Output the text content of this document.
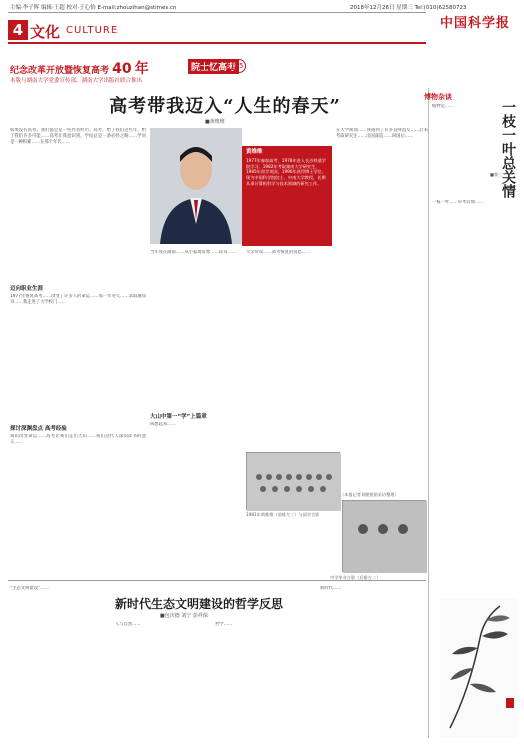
主编·李子晖 编辑·王超 校对·王心怡 E-mail:zhouzihan@stimes.cn	2018年12月26日 星期三 Tel:(010)62580723
中国科学报
4 文化 CULTURE
纪念改革开放暨恢复高考 40 年	院士忆高考
45
本版与湖南大学党委宣传部、湖南大学出版社联合推出
高考带我迈入“人生的春天”
■黄维维
如果没有高考，我们都会是一些作者经历。高考，给了我们这些年，给了我们许多可能……高考让我意识到，学问总是一条必经之路……学问是一种积累……在那个年代……
迈向职业生涯
1977年恢复高考……改变了许多人的命运……那一年冬天……录取通知书……我走进了大学校门……
探讨深渊盘点 高考经验
知识改变命运……高考让我们走出大山……我们这代人深知读书的意义……
黄维维
1977年参加高考，1978年进入长沙铁道学院学习。1982年考取湖南大学研究生，1985年留学英国，1990年获得博士学位，现为中国科学院院士、中南大学教授，长期从事计算机科学与技术领域的研究工作。
当年我在湖南……从小家境贫寒……读书……	父亲常说……高考恢复的消息……
在大学期间……我遇到了许多良师益友……后来考取研究生……出国深造……回国后……
大山中第一“学”上篇章
回想起来……
1981年黄维维（前排左三）与同学合影
中学毕业合影（后排左二）
（本报记者刘健根据采访整理）
博物杂谈
一枝一叶总关情
■翟三
植物是……
一枝一叶……草木有情……
“生态文明建设”……
新时代生态文明建设的哲学反思
■包庆德 刘宁 彭祥保
人与自然……	哲学……
新时代……
